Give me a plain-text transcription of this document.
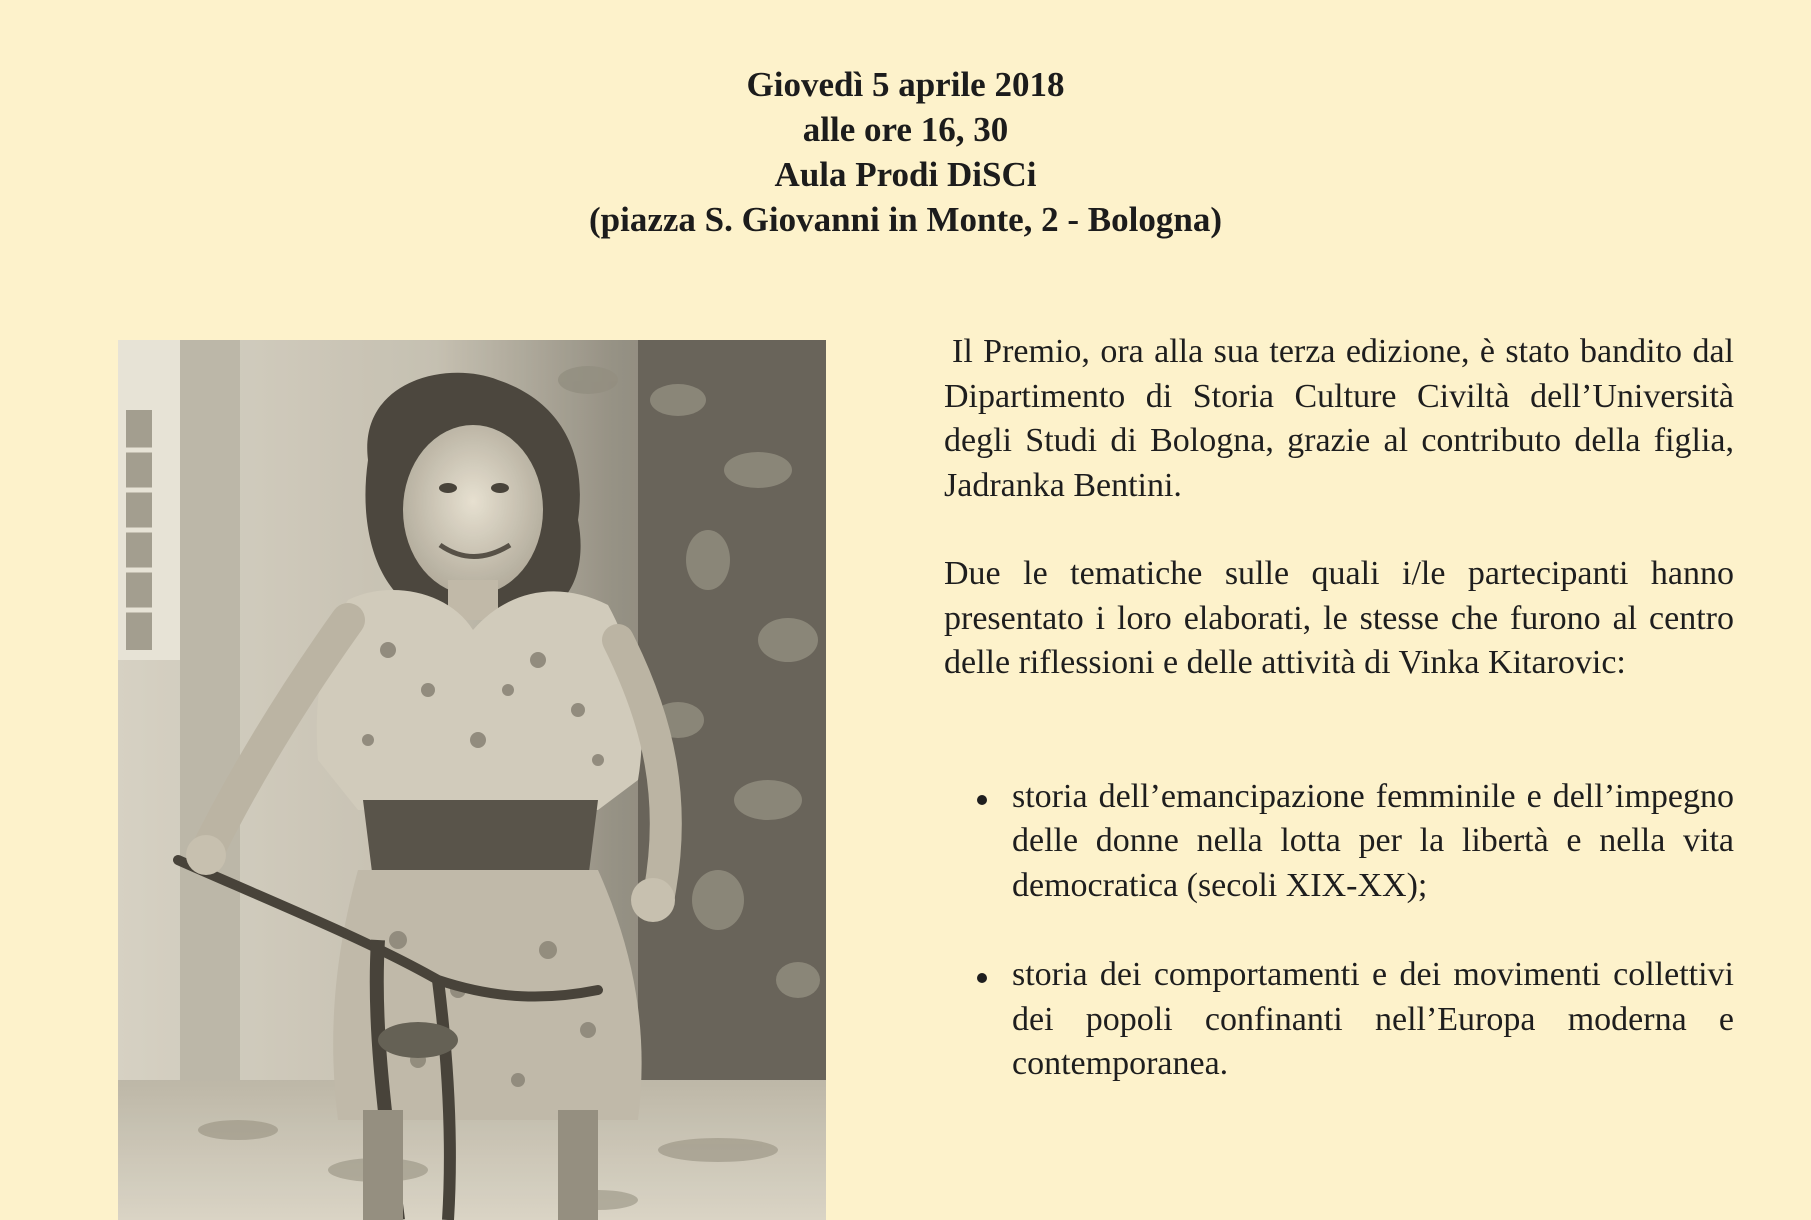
Giovedì 5 aprile 2018
alle ore 16, 30
Aula Prodi DiSCi
(piazza S. Giovanni in Monte, 2 - Bologna)

Il Premio, ora alla sua terza edizione, è stato bandito dal Dipartimento di Storia Culture Civiltà dell’Università degli Studi di Bologna, grazie al contributo della figlia, Jadranka Bentini.

Due le tematiche sulle quali i/le partecipanti hanno presentato i loro elaborati, le stesse che furono al centro delle riflessioni e delle attività di Vinka Kitarovic:

storia dell’emancipazione femminile e dell’impegno delle donne nella lotta per la libertà e nella vita democratica (secoli XIX-XX);
storia dei comportamenti e dei movimenti collettivi dei popoli confinanti nell’Europa moderna e contemporanea.
